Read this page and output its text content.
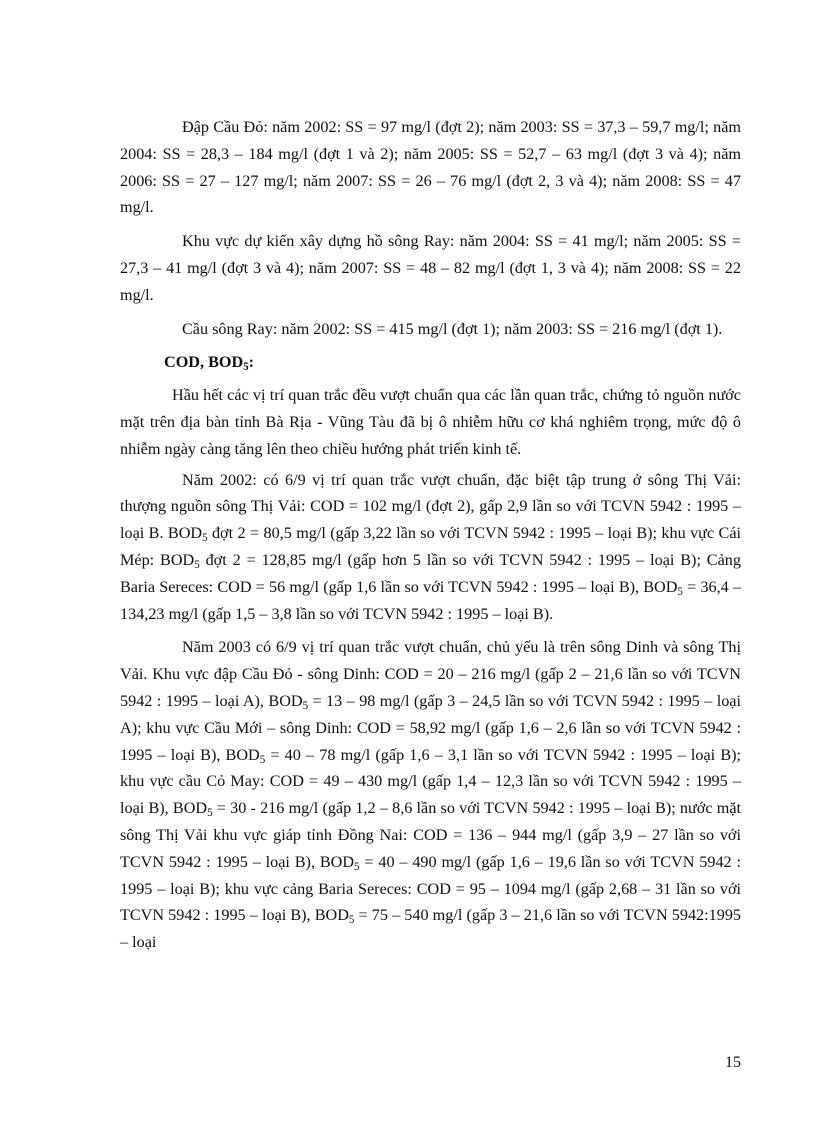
Đập Cầu Đỏ: năm 2002: SS = 97 mg/l (đợt 2); năm 2003: SS = 37,3 – 59,7 mg/l; năm 2004: SS = 28,3 – 184 mg/l (đợt 1 và 2); năm 2005: SS = 52,7 – 63 mg/l (đợt 3 và 4); năm 2006: SS = 27 – 127 mg/l; năm 2007: SS = 26 – 76 mg/l (đợt 2, 3 và 4); năm 2008: SS = 47 mg/l.

Khu vực dự kiến xây dựng hồ sông Ray: năm 2004: SS = 41 mg/l; năm 2005: SS = 27,3 – 41 mg/l (đợt 3 và 4); năm 2007: SS = 48 – 82 mg/l (đợt 1, 3 và 4); năm 2008: SS = 22 mg/l.

Cầu sông Ray: năm 2002: SS = 415 mg/l (đợt 1); năm 2003: SS = 216 mg/l (đợt 1).

COD, $BOD_5$:

Hầu hết các vị trí quan trắc đều vượt chuẩn qua các lần quan trắc, chứng tỏ nguồn nước mặt trên địa bàn tỉnh Bà Rịa - Vũng Tàu đã bị ô nhiễm hữu cơ khá nghiêm trọng, mức độ ô nhiễm ngày càng tăng lên theo chiều hướng phát triển kinh tế.

Năm 2002: có 6/9 vị trí quan trắc vượt chuẩn, đặc biệt tập trung ở sông Thị Vải: thượng nguồn sông Thị Vải: COD = 102 mg/l (đợt 2), gấp 2,9 lần so với TCVN 5942 : 1995 – loại B. $BOD_5$ đợt 2 = 80,5 mg/l (gấp 3,22 lần so với TCVN 5942 : 1995 – loại B); khu vực Cái Mép: $BOD_5$ đợt 2 = 128,85 mg/l (gấp hơn 5 lần so với TCVN 5942 : 1995 – loại B); Cảng Baria Sereces: COD = 56 mg/l (gấp 1,6 lần so với TCVN 5942 : 1995 – loại B), $BOD_5 = 36,4 - 134,23$ mg/l (gấp 1,5 – 3,8 lần so với TCVN 5942 : 1995 – loại B).

Năm 2003 có 6/9 vị trí quan trắc vượt chuẩn, chủ yếu là trên sông Dinh và sông Thị Vải. Khu vực đập Cầu Đỏ - sông Dinh: COD = 20 – 216 mg/l (gấp 2 – 21,6 lần so với TCVN 5942 : 1995 – loại A), $BOD_5 = 13 - 98$ mg/l (gấp 3 – 24,5 lần so với TCVN 5942 : 1995 – loại A); khu vực Cầu Mới – sông Dinh: COD = 58,92 mg/l (gấp 1,6 – 2,6 lần so với TCVN 5942 : 1995 – loại B), $BOD_5 = 40 - 78$ mg/l (gấp 1,6 – 3,1 lần so với TCVN 5942 : 1995 – loại B); khu vực cầu Cỏ May: COD = 49 – 430 mg/l (gấp 1,4 – 12,3 lần so với TCVN 5942 : 1995 – loại B), $BOD_5 = 30 - 216$ mg/l (gấp 1,2 – 8,6 lần so với TCVN 5942 : 1995 – loại B); nước mặt sông Thị Vải khu vực giáp tỉnh Đồng Nai: COD = 136 – 944 mg/l (gấp 3,9 – 27 lần so với TCVN 5942 : 1995 – loại B), $BOD_5 = 40 - 490$ mg/l (gấp 1,6 – 19,6 lần so với TCVN 5942 : 1995 – loại B); khu vực cảng Baria Sereces: COD = 95 – 1094 mg/l (gấp 2,68 – 31 lần so với TCVN 5942 : 1995 – loại B), $BOD_5 = 75 - 540$ mg/l (gấp 3 – 21,6 lần so với TCVN 5942:1995 – loại

15
